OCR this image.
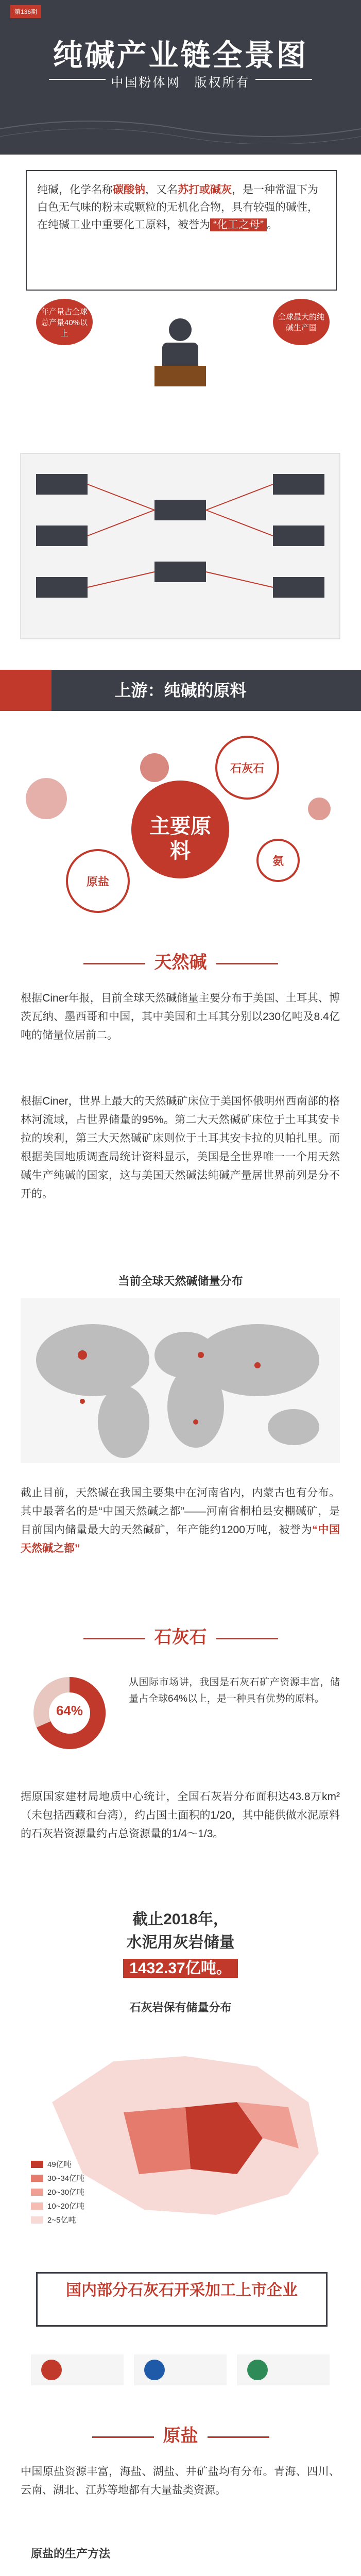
第136期
纯碱产业链全景图
中国粉体网　版权所有
纯碱，化学名称碳酸钠，又名苏打或碱灰，是一种常温下为白色无气味的粉末或颗粒的无机化合物，具有较强的碱性，在纯碱工业中重要化工原料，被誉为 “化工之母” 。
年产量占全球总产量40%以上
全球最大的纯碱生产国
上游：纯碱的原料
主要原料
石灰石
原盐
氨
天然碱
根据Ciner年报，目前全球天然碱储量主要分布于美国、土耳其、博茨瓦纳、墨西哥和中国，其中美国和土耳其分别以230亿吨及8.4亿吨的储量位居前二。
根据Ciner，世界上最大的天然碱矿床位于美国怀俄明州西南部的格林河流域，占世界储量的95%。第二大天然碱矿床位于土耳其安卡拉的埃利，第三大天然碱矿床则位于土耳其安卡拉的贝帕扎里。而根据美国地质调查局统计资料显示，美国是全世界唯一一个用天然碱生产纯碱的国家，这与美国天然碱法纯碱产量居世界前列是分不开的。
当前全球天然碱储量分布
截止目前，天然碱在我国主要集中在河南省内，内蒙古也有分布。其中最著名的是“中国天然碱之都”——河南省桐柏县安棚碱矿，是目前国内储量最大的天然碱矿，年产能约1200万吨，被誉为“中国天然碱之都”
石灰石
64%
从国际市场讲，我国是石灰石矿产资源丰富，储量占全球64%以上，是一种具有优势的原料。
据原国家建材局地质中心统计，全国石灰岩分布面积达43.8万km²（未包括西藏和台湾），约占国土面积的1/20，其中能供做水泥原料的石灰岩资源量约占总资源量的1/4～1/3。
截止2018年，
水泥用灰岩储量
1432.37亿吨。
石灰岩保有储量分布
49亿吨
30~34亿吨
20~30亿吨
10~20亿吨
2~5亿吨
国内部分石灰石开采加工上市企业
原盐
中国原盐资源丰富，海盐、湖盐、井矿盐均有分布。青海、四川、云南、湖北、江苏等地都有大量盐类资源。
原盐的生产方法
